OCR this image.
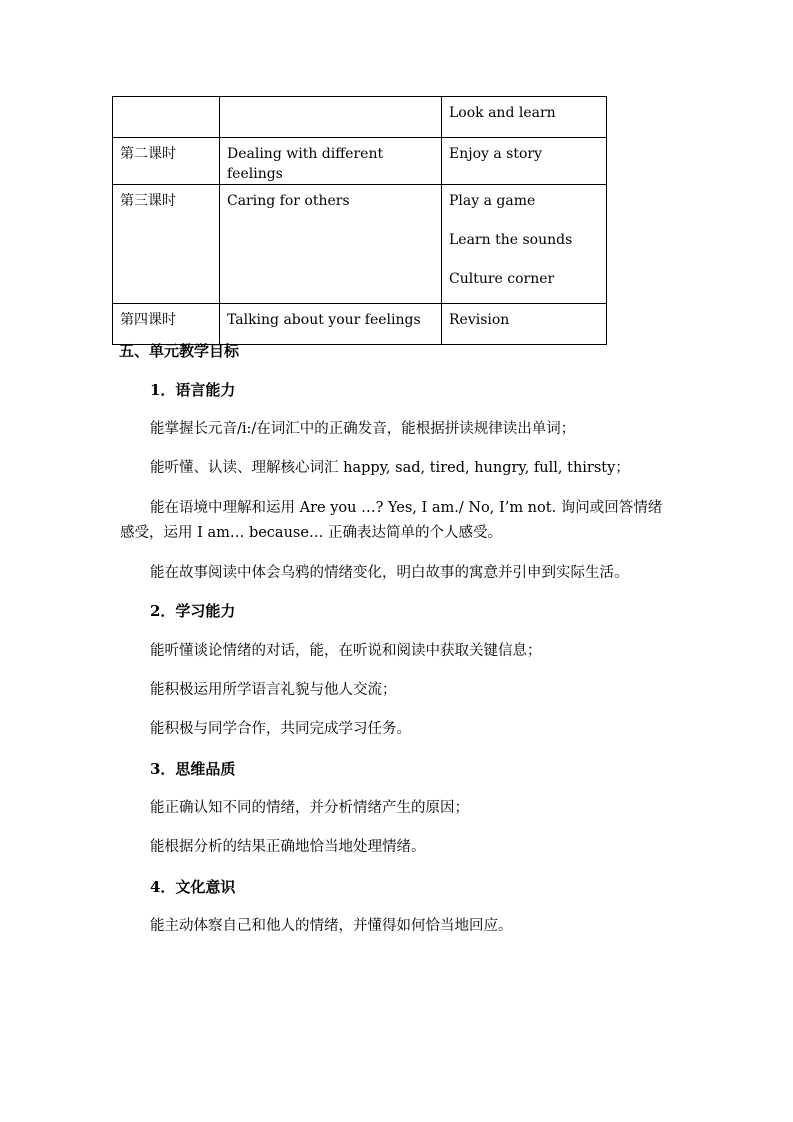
		Look and learn

第二课时	Dealing with different feelings	Enjoy a story

第三课时	Caring for others	Play a game
Learn the sounds
Culture corner

第四课时	Talking about your feelings	Revision
五、单元教学目标
1．语言能力
能掌握长元音/i:/在词汇中的正确发音，能根据拼读规律读出单词；
能听懂、认读、理解核心词汇 happy, sad, tired, hungry, full, thirsty；
能在语境中理解和运用 Are you …? Yes, I am./ No, I’m not. 询问或回答情绪
感受，运用 I am… because… 正确表达简单的个人感受。
能在故事阅读中体会乌鸦的情绪变化，明白故事的寓意并引申到实际生活。
2．学习能力
能听懂谈论情绪的对话，能，在听说和阅读中获取关键信息；
能积极运用所学语言礼貌与他人交流；
能积极与同学合作，共同完成学习任务。
3．思维品质
能正确认知不同的情绪，并分析情绪产生的原因；
能根据分析的结果正确地恰当地处理情绪。
4．文化意识
能主动体察自己和他人的情绪，并懂得如何恰当地回应。
